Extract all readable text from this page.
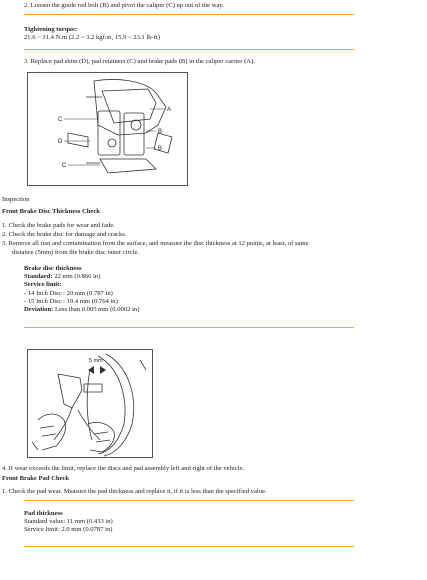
2. Loosen the guide rod bolt (B) and pivot the caliper (C) up out of the way.
Tightening torque:
21.6 ~ 31.4 N.m (2.2 ~ 3.2 kgf.m, 15.9 ~ 23.1 lb-ft)
3. Replace pad shim (D), pad retainers (C) and brake pads (B) in the caliper carrier (A).
C
A
B
D
B
C
Inspection
Front Brake Disc Thickness Check
1. Check the brake pads for wear and fade.
2. Check the brake disc for damage and cracks.
3. Remove all rust and contamination from the surface, and measure the disc thickness at 12 points, at least, of same
distance (5mm) from the brake disc outer circle.
Brake disc thickness
Standard: 22 mm (0.866 in)
Service limit:
- 14 Inch Disc : 20 mm (0.787 in)
- 15 Inch Disc : 19.4 mm (0.764 in)
Deviation: Less than 0.005 mm (0.0002 in)
5 mm
4. If wear exceeds the limit, replace the discs and pad assembly left and right of the vehicle.
Front Brake Pad Check
1. Check the pad wear. Measure the pad thickness and replace it, if it is less than the specified value.
Pad thickness
Standard value: 11 mm (0.433 in)
Service limit: 2.0 mm (0.0787 in)
